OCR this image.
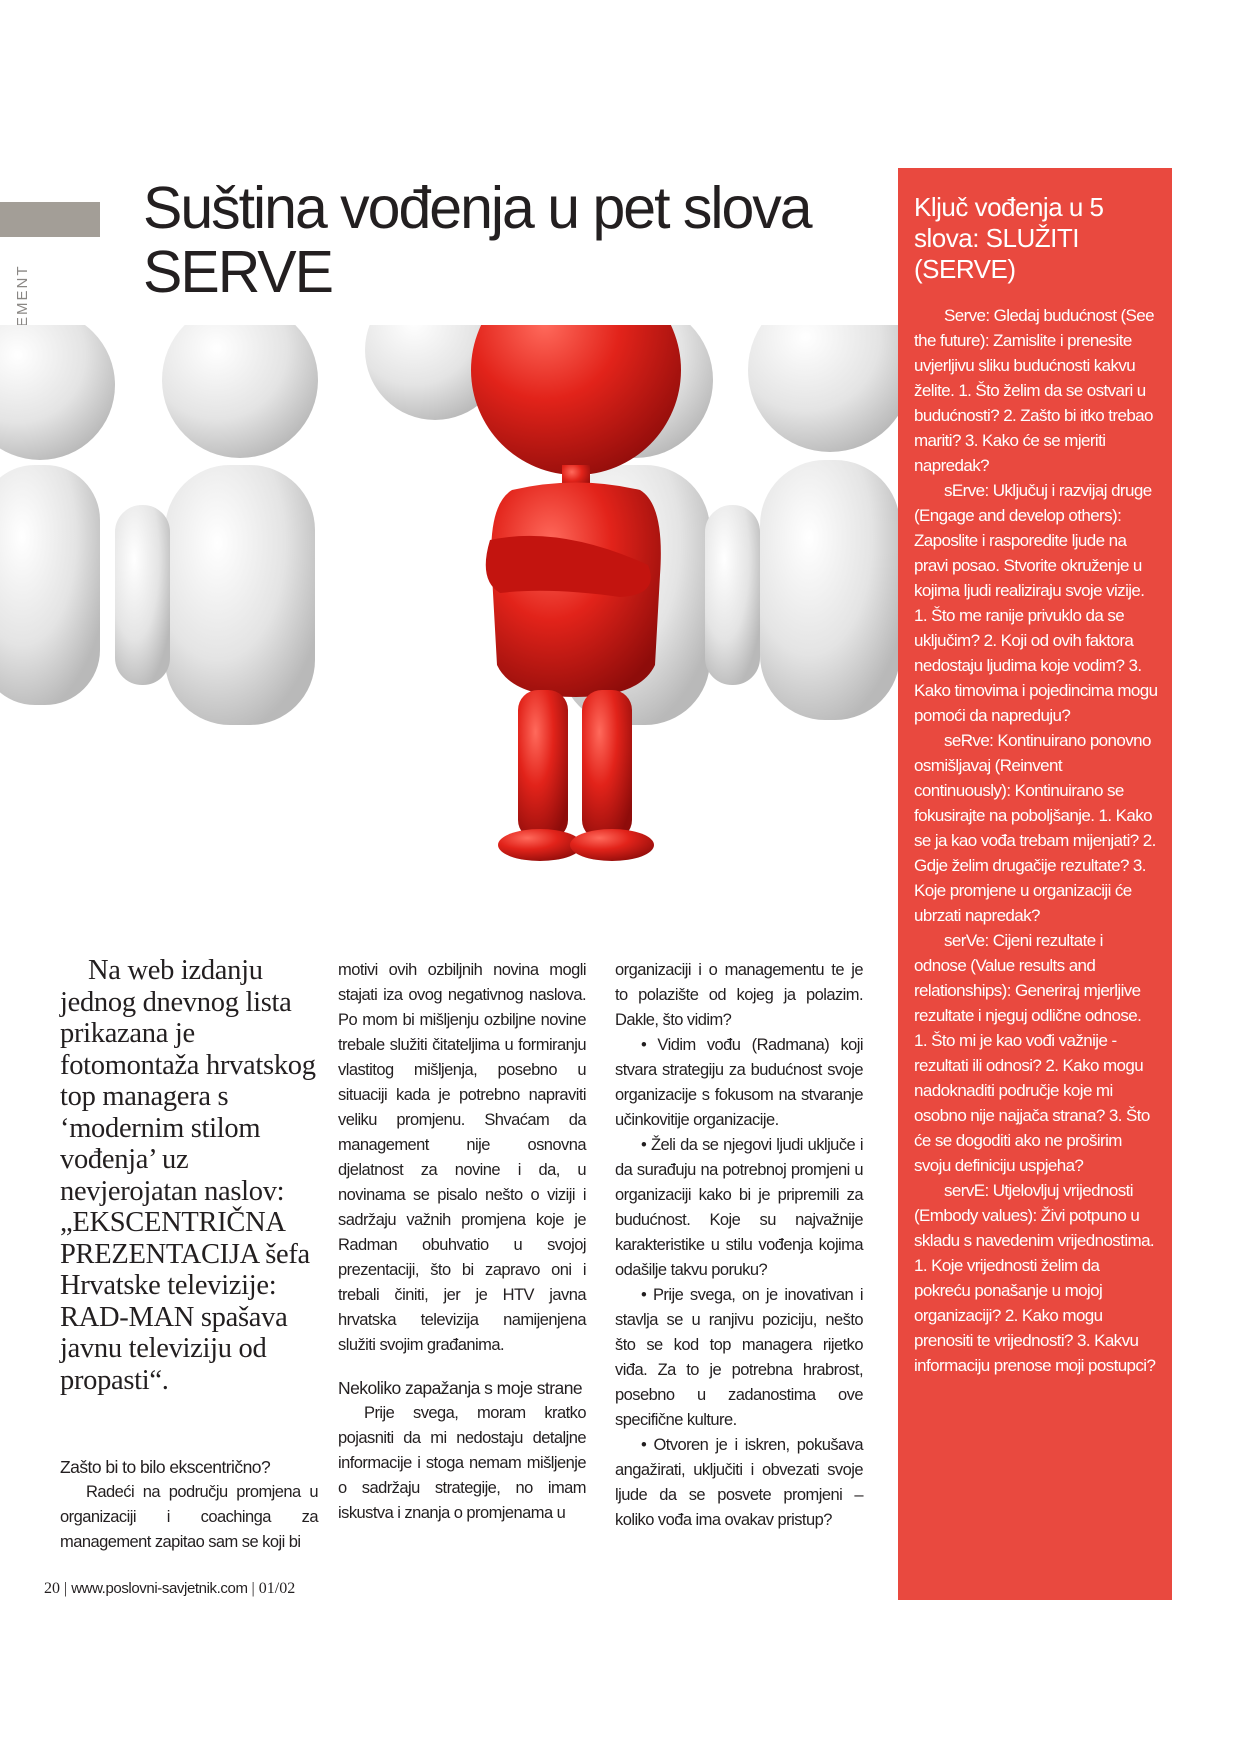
Suština vođenja u pet slova SERVE
Ključ vođenja u 5 slova: SLUŽITI (SERVE)

Serve: Gledaj budućnost (See the future): Zamislite i prenesite uvjerljivu sliku budućnosti kakvu želite. 1. Što želim da se ostvari u budućnosti? 2. Zašto bi itko trebao mariti? 3. Kako će se mjeriti napredak?

sErve: Uključuj i razvijaj druge (Engage and develop others): Zaposlite i rasporedite ljude na pravi posao. Stvorite okruženje u kojima ljudi realiziraju svoje vizije. 1. Što me ranije privuklo da se uključim? 2. Koji od ovih faktora nedostaju ljudima koje vodim? 3. Kako timovima i pojedincima mogu pomoći da napreduju?

seRve: Kontinuirano ponovno osmišljavaj (Reinvent continuously): Kontinuirano se fokusirajte na poboljšanje. 1. Kako se ja kao vođa trebam mijenjati? 2. Gdje želim drugačije rezultate? 3. Koje promjene u organizaciji će ubrzati napredak?

serVe: Cijeni rezultate i odnose (Value results and relationships): Generiraj mjerljive rezultate i njeguj odlične odnose. 1. Što mi je kao vođi važnije - rezultati ili odnosi? 2. Kako mogu nadoknaditi područje koje mi osobno nije najjača strana? 3. Što će se dogoditi ako ne proširim svoju definiciju uspjeha?

servE: Utjelovljuj vrijednosti (Embody values): Živi potpuno u skladu s navedenim vrijednostima. 1. Koje vrijednosti želim da pokreću ponašanje u mojoj organizaciji? 2. Kako mogu prenositi te vrijednosti? 3. Kakvu informaciju prenose moji postupci?

Na web izdanju jednog dnevnog lista prikazana je fotomontaža hrvatskog top managera s ‘modernim stilom vođenja’ uz nevjerojatan naslov: „EKSCENTRIČNA PREZENTACIJA šefa Hrvatske televizije: RAD-MAN spašava javnu televiziju od propasti“.

Zašto bi to bilo ekscentrično?

Radeći na području promjena u organizaciji i coachinga za management zapitao sam se koji bi

motivi ovih ozbiljnih novina mogli stajati iza ovog negativnog naslova. Po mom bi mišljenju ozbiljne novine trebale služiti čitateljima u formiranju vlastitog mišljenja, posebno u situaciji kada je potrebno napraviti veliku promjenu. Shvaćam da management nije osnovna djelatnost za novine i da, u novinama se pisalo nešto o viziji i sadržaju važnih promjena koje je Radman obuhvatio u svojoj prezentaciji, što bi zapravo oni i trebali činiti, jer je HTV javna hrvatska televizija namijenjena služiti svojim građanima.

Nekoliko zapažanja s moje strane

Prije svega, moram kratko pojasniti da mi nedostaju detaljne informacije i stoga nemam mišljenje o sadržaju strategije, no imam iskustva i znanja o promjenama u

organizaciji i o managementu te je to polazište od kojeg ja polazim. Dakle, što vidim?

• Vidim vođu (Radmana) koji stvara strategiju za budućnost svoje organizacije s fokusom na stvaranje učinkovitije organizacije.

• Želi da se njegovi ljudi uključe i da surađuju na potrebnoj promjeni u organizaciji kako bi je pripremili za budućnost. Koje su najvažnije karakteristike u stilu vođenja kojima odašilje takvu poruku?

• Prije svega, on je inovativan i stavlja se u ranjivu poziciju, nešto što se kod top managera rijetko viđa. Za to je potrebna hrabrost, posebno u zadanostima ove specifične kulture.

• Otvoren je i iskren, pokušava angažirati, uključiti i obvezati svoje ljude da se posvete promjeni – koliko vođa ima ovakav pristup?

20 | www.poslovni-savjetnik.com | 01/02
